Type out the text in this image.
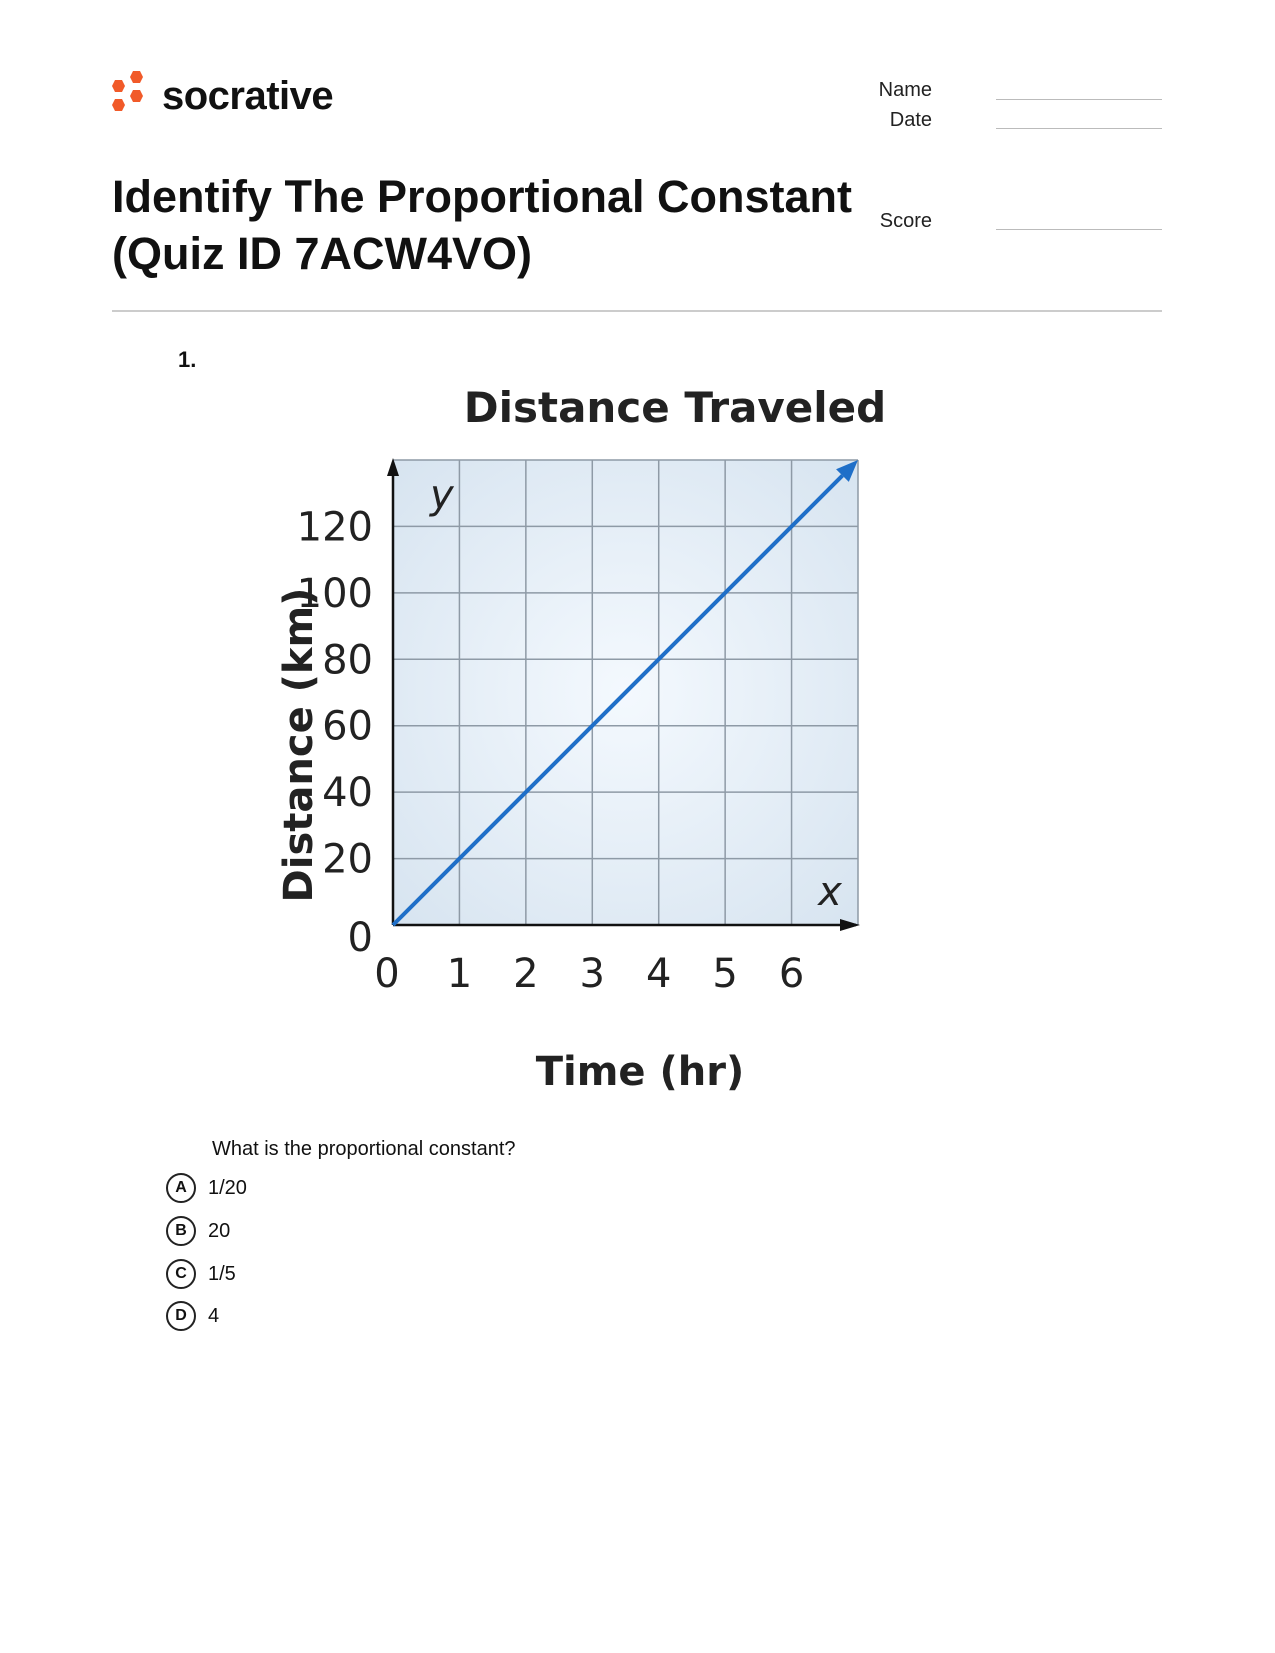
socrative
Identify The Proportional Constant (Quiz ID 7ACW4VO)
Name
Date
Score
1.
Distance Traveled
0 1 2 3 4 5 6
0
20
40
60
80
100
120
y
x
Time (hr)
Distance (km)
What is the proportional constant?
A	1/20
B	20
C	1/5
D	4
